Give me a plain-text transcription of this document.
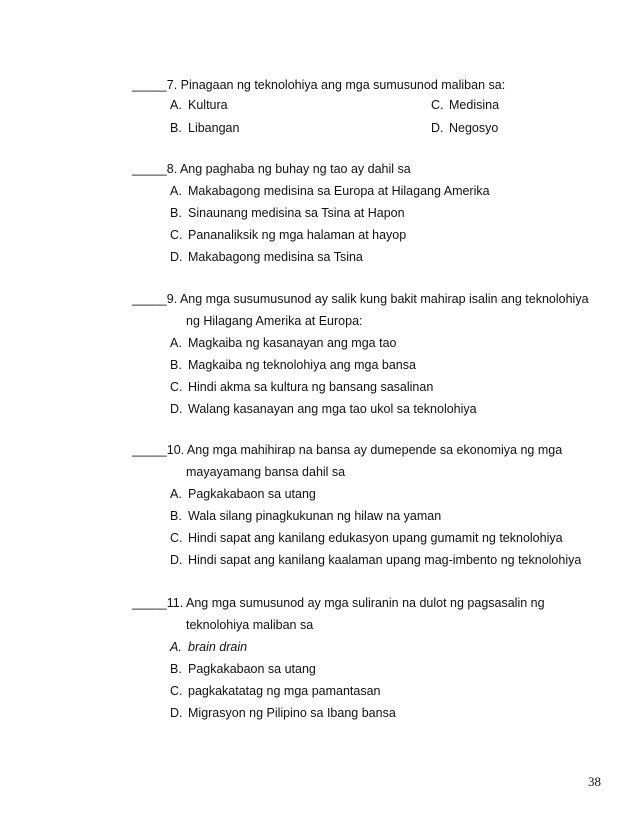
_____7. Pinagaan ng teknolohiya ang mga sumusunod maliban sa:
A. Kultura
B. Libangan
C. Medisina
D. Negosyo
_____8. Ang paghaba ng buhay ng tao ay dahil sa
A. Makabagong medisina sa Europa at Hilagang Amerika
B. Sinaunang medisina sa Tsina at Hapon
C. Pananaliksik ng mga halaman at hayop
D. Makabagong medisina sa Tsina
_____9. Ang mga susumusunod ay salik kung bakit mahirap isalin ang teknolohiya
ng Hilagang Amerika at Europa:
A. Magkaiba ng kasanayan ang mga tao
B. Magkaiba ng teknolohiya ang mga bansa
C. Hindi akma sa kultura ng bansang sasalinan
D. Walang kasanayan ang mga tao ukol sa teknolohiya
_____10. Ang mga mahihirap na bansa ay dumepende sa ekonomiya ng mga
mayayamang bansa dahil sa
A. Pagkakabaon sa utang
B. Wala silang pinagkukunan ng hilaw na yaman
C. Hindi sapat ang kanilang edukasyon upang gumamit ng teknolohiya
D. Hindi sapat ang kanilang kaalaman upang mag-imbento ng teknolohiya
_____11. Ang mga sumusunod ay mga suliranin na dulot ng pagsasalin ng
teknolohiya maliban sa
A. brain drain
B. Pagkakabaon sa utang
C. pagkakatatag ng mga pamantasan
D. Migrasyon ng Pilipino sa Ibang bansa
38
